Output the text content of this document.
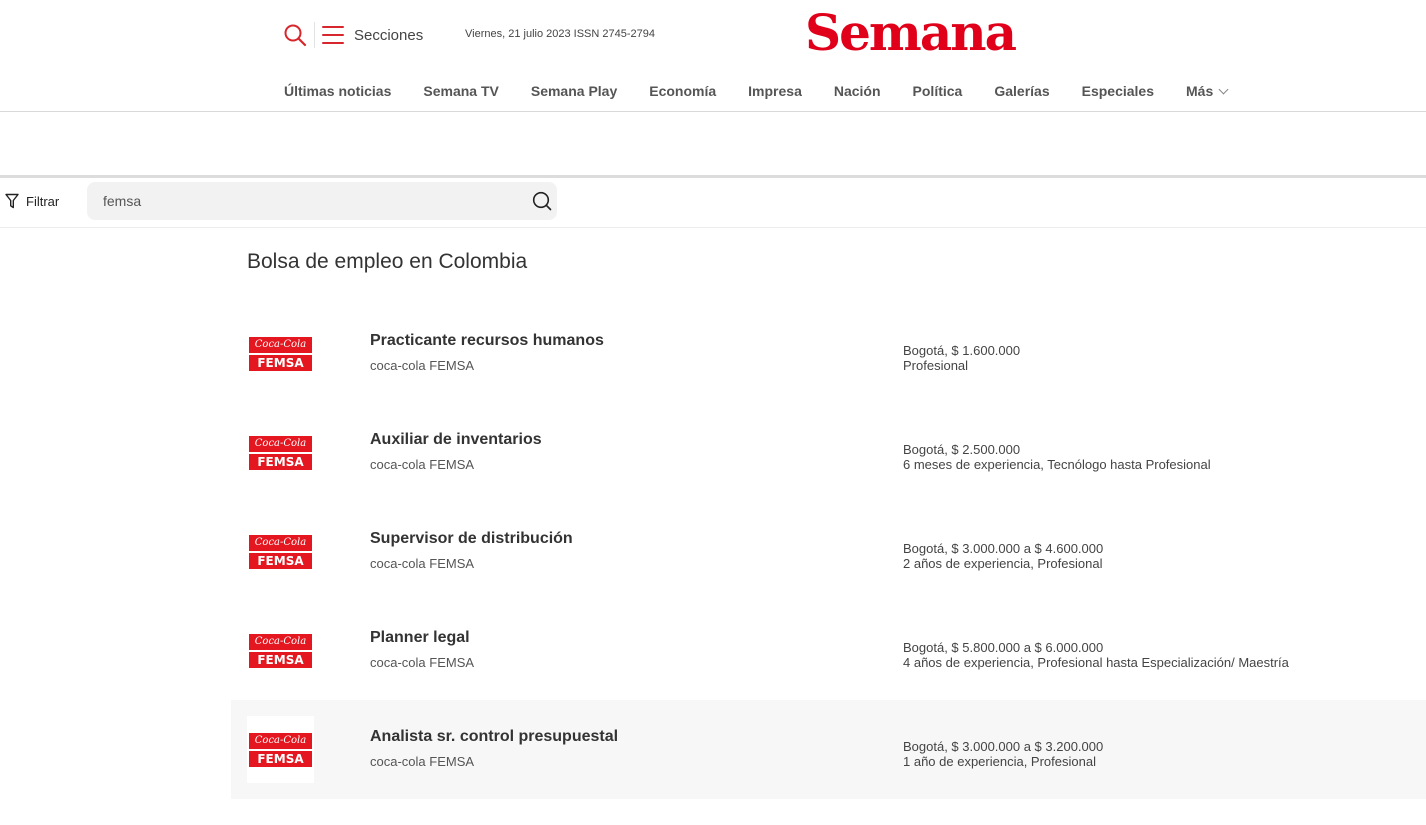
Secciones	Viernes, 21 julio 2023 ISSN 2745-2794	Semana
Últimas noticias Semana TV Semana Play Economía Impresa Nación Política Galerías Especiales Más
Filtrar
femsa
Bolsa de empleo en Colombia
Coca-Cola
FEMSA
Practicante recursos humanos
coca-cola FEMSA
Bogotá, $ 1.600.000
Profesional
Coca-Cola
FEMSA
Auxiliar de inventarios
coca-cola FEMSA
Bogotá, $ 2.500.000
6 meses de experiencia, Tecnólogo hasta Profesional
Coca-Cola
FEMSA
Supervisor de distribución
coca-cola FEMSA
Bogotá, $ 3.000.000 a $ 4.600.000
2 años de experiencia, Profesional
Coca-Cola
FEMSA
Planner legal
coca-cola FEMSA
Bogotá, $ 5.800.000 a $ 6.000.000
4 años de experiencia, Profesional hasta Especialización/ Maestría
Coca-Cola
FEMSA
Analista sr. control presupuestal
coca-cola FEMSA
Bogotá, $ 3.000.000 a $ 3.200.000
1 año de experiencia, Profesional
